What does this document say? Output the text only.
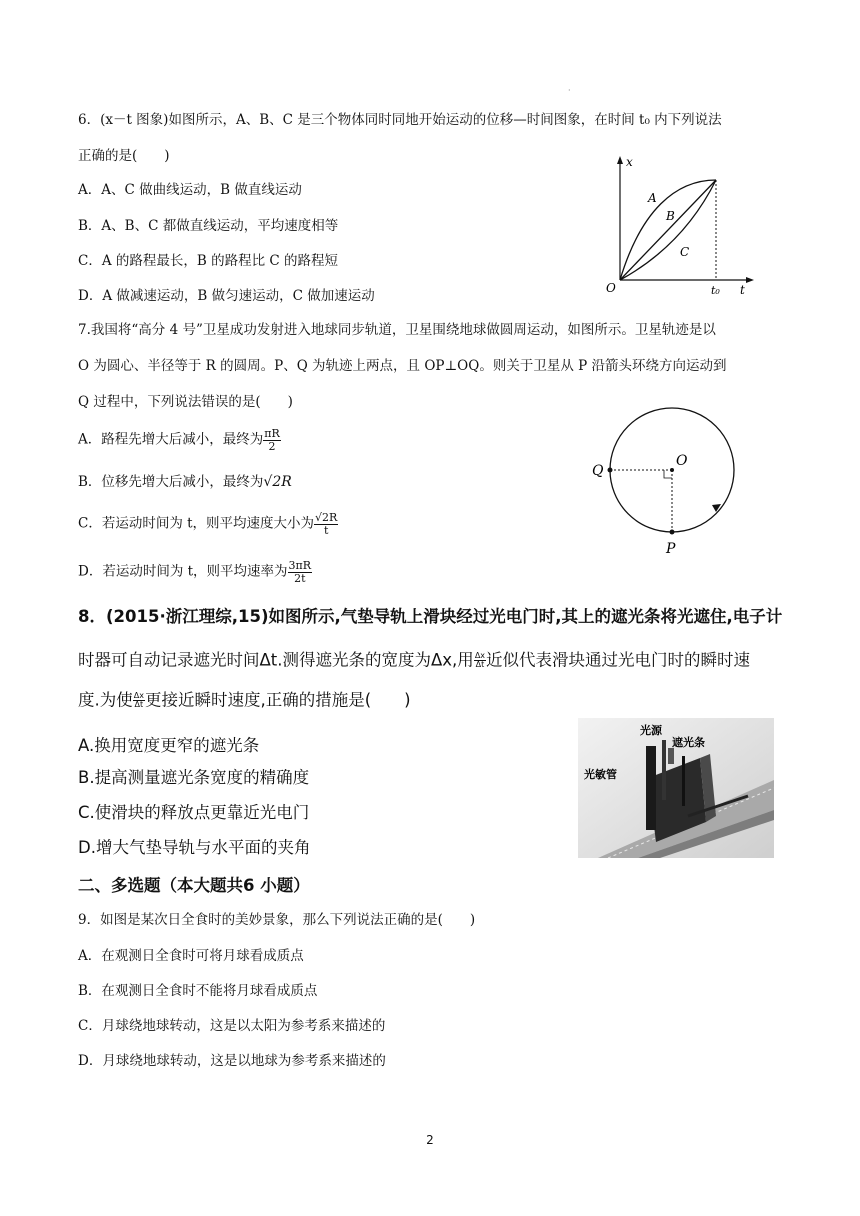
·
6．(x－t 图象)如图所示，A、B、C 是三个物体同时同地开始运动的位移—时间图象，在时间 t₀ 内下列说法
正确的是(　　)
A．A、C 做曲线运动，B 做直线运动
B．A、B、C 都做直线运动，平均速度相等
C．A 的路程最长，B 的路程比 C 的路程短
D．A 做减速运动，B 做匀速运动，C 做加速运动
x
t
O	t₀
A
B
C
7.我国将“高分 4 号”卫星成功发射进入地球同步轨道，卫星围绕地球做圆周运动，如图所示。卫星轨迹是以
O 为圆心、半径等于 R 的圆周。P、Q 为轨迹上两点，且 OP⊥OQ。则关于卫星从 P 沿箭头环绕方向运动到
Q 过程中，下列说法错误的是(　　)
A．路程先增大后减小，最终为 $\frac{\pi R}{2}$
B．位移先增大后减小，最终为√2R
C．若运动时间为 t，则平均速度大小为 $\frac{√2R}{t}$
D．若运动时间为 t，则平均速率为 $\frac{3\pi R}{2t}$
Q
O
P
8．(2015·浙江理综,15)如图所示,气垫导轨上滑块经过光电门时,其上的遮光条将光遮住,电子计
时器可自动记录遮光时间Δt.测得遮光条的宽度为Δx,用 $\frac{\Delta x}{\Delta t}$ 近似代表滑块通过光电门时的瞬时速
度.为使 $\frac{\Delta x}{\Delta t}$ 更接近瞬时速度,正确的措施是(　　)
A.换用宽度更窄的遮光条
B.提高测量遮光条宽度的精确度
C.使滑块的释放点更靠近光电门
D.增大气垫导轨与水平面的夹角
光源
遮光条
光敏管
二、多选题（本大题共6 小题）
9．如图是某次日全食时的美妙景象，那么下列说法正确的是(　　)
A．在观测日全食时可将月球看成质点
B．在观测日全食时不能将月球看成质点
C．月球绕地球转动，这是以太阳为参考系来描述的
D．月球绕地球转动，这是以地球为参考系来描述的
2
